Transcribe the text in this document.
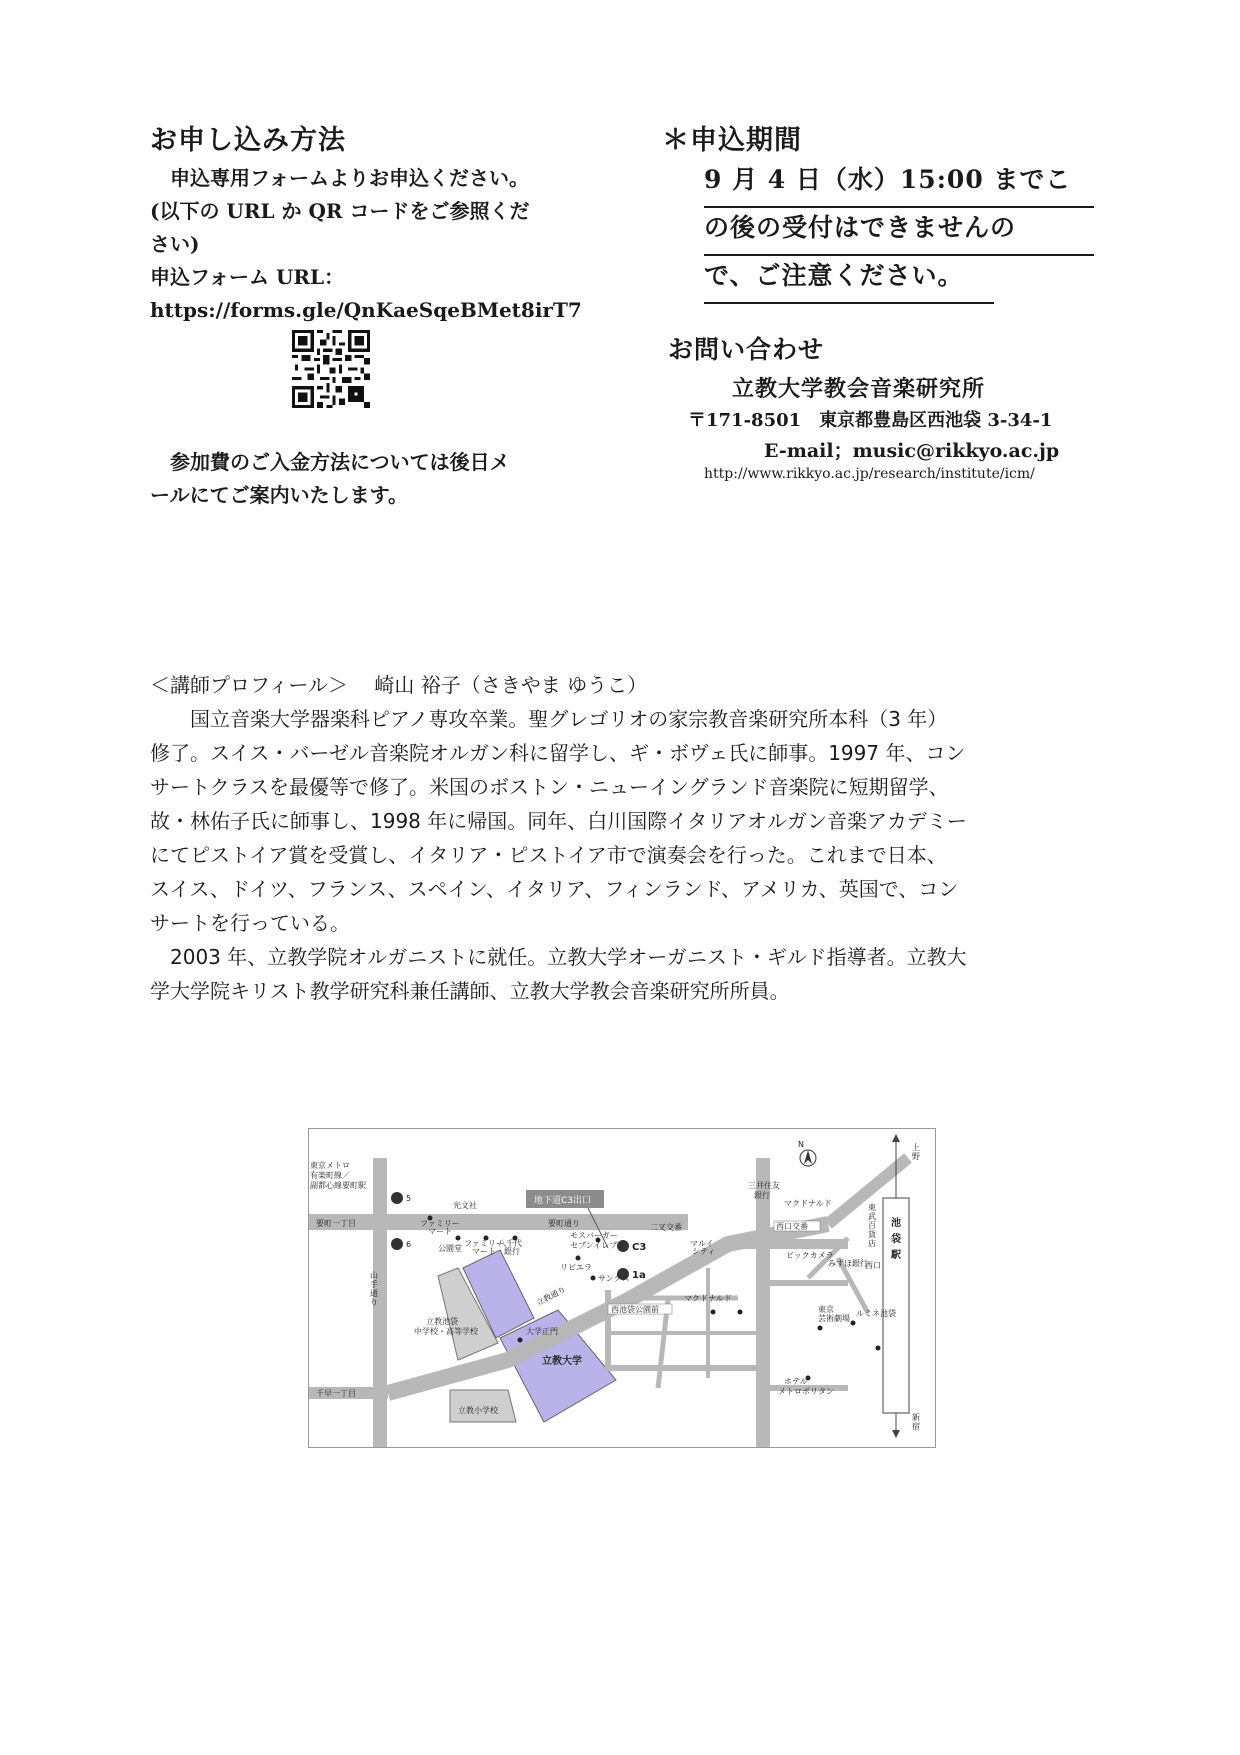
お申し込み方法
申込専用フォームよりお申込ください。
(以下の URL か QR コードをご参照くだ
さい)
申込フォーム URL：
https://forms.gle/QnKaeSqeBMet8irT7
参加費のご入金方法については後日メ
ールにてご案内いたします。
＊申込期間
9 月 4 日（水）15:00 までこ
の後の受付はできませんの
で、ご注意ください。
お問い合わせ
立教大学教会音楽研究所
〒171-8501　東京都豊島区西池袋 3-34-1
E-mail；music@rikkyo.ac.jp
http://www.rikkyo.ac.jp/research/institute/icm/
＜講師プロフィール＞　 崎山 裕子（さきやま ゆうこ）
　　国立音楽大学器楽科ピアノ専攻卒業。聖グレゴリオの家宗教音楽研究所本科（3 年）
修了。スイス・バーゼル音楽院オルガン科に留学し、ギ・ボヴェ氏に師事。1997 年、コン
サートクラスを最優等で修了。米国のボストン・ニューイングランド音楽院に短期留学、
故・林佑子氏に師事し、1998 年に帰国。同年、白川国際イタリアオルガン音楽アカデミー
にてピストイア賞を受賞し、イタリア・ピストイア市で演奏会を行った。これまで日本、
スイス、ドイツ、フランス、スペイン、イタリア、フィンランド、アメリカ、英国で、コン
サートを行っている。
　2003 年、立教学院オルガニストに就任。立教大学オーガニスト・ギルド指導者。立教大
学大学院キリスト教学研究科兼任講師、立教大学教会音楽研究所所員。
N
地下道C3出口
5
6	C3
1a
東京メトロ
有楽町線／
副都心線要町駅
要町一丁目
千早一丁目
光文社
ファミリー
マート
要町通り
モスバーガー
セブンイレブン
二叉交番
三井住友
銀行
マクドナルド
西口交番
東
武
百
貨
店
池
袋
駅
西口
上
野
新
宿
公園堂
ファミリー
マート
八千代
銀行
リビエラ
サンクス
マルイ
シティ	ビックカメラ
みずほ銀行
立教通り
山
手
通
り
西池袋公園前
マクドナルド
東京
芸術劇場
ルミネ池袋
立教池袋
中学校・高等学校	大学正門
立教大学
立教小学校
ホテル
メトロポリタン
